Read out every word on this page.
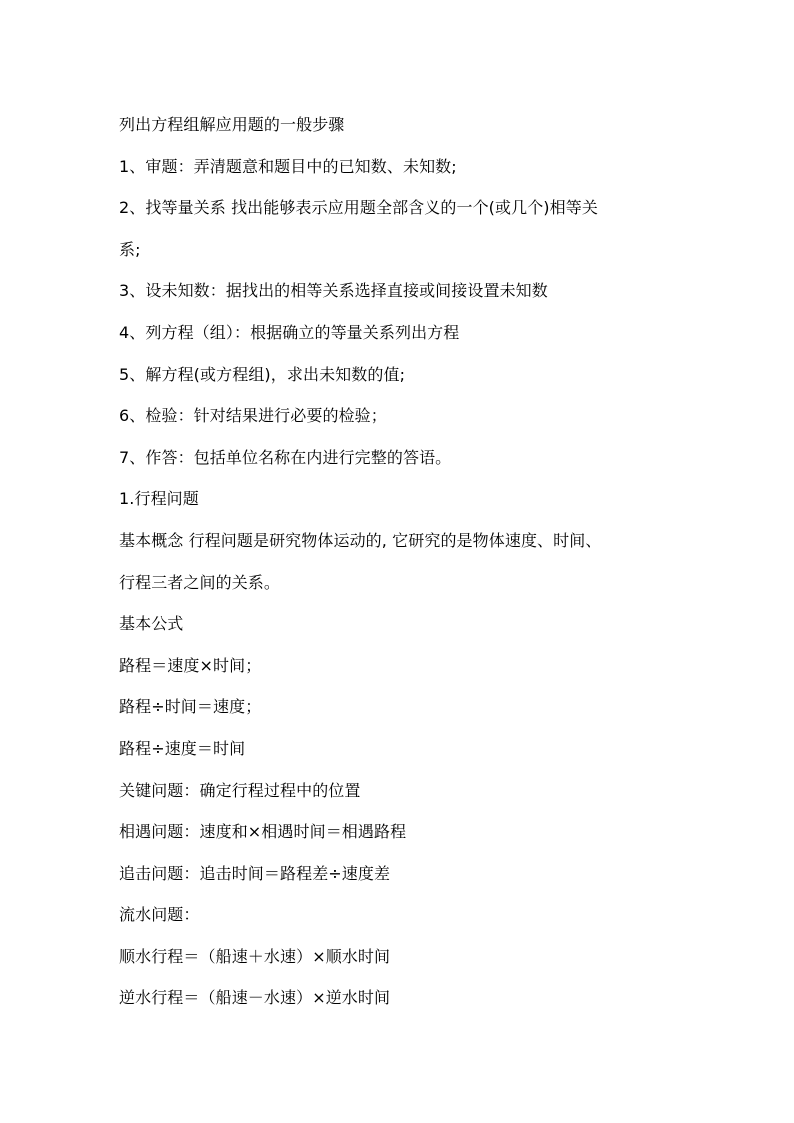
列出方程组解应用题的一般步骤
1、审题：弄清题意和题目中的已知数、未知数;
2、找等量关系 找出能够表示应用题全部含义的一个(或几个)相等关
系;
3、设未知数：据找出的相等关系选择直接或间接设置未知数
4、列方程（组）：根据确立的等量关系列出方程
5、解方程(或方程组)，求出未知数的值;
6、检验：针对结果进行必要的检验；
7、作答：包括单位名称在内进行完整的答语。
1.行程问题
基本概念 行程问题是研究物体运动的, 它研究的是物体速度、时间、
行程三者之间的关系。
基本公式
路程＝速度×时间；
路程÷时间＝速度；
路程÷速度＝时间
关键问题：确定行程过程中的位置
相遇问题：速度和×相遇时间＝相遇路程
追击问题：追击时间＝路程差÷速度差
流水问题：
顺水行程＝（船速＋水速）×顺水时间
逆水行程＝（船速－水速）×逆水时间
